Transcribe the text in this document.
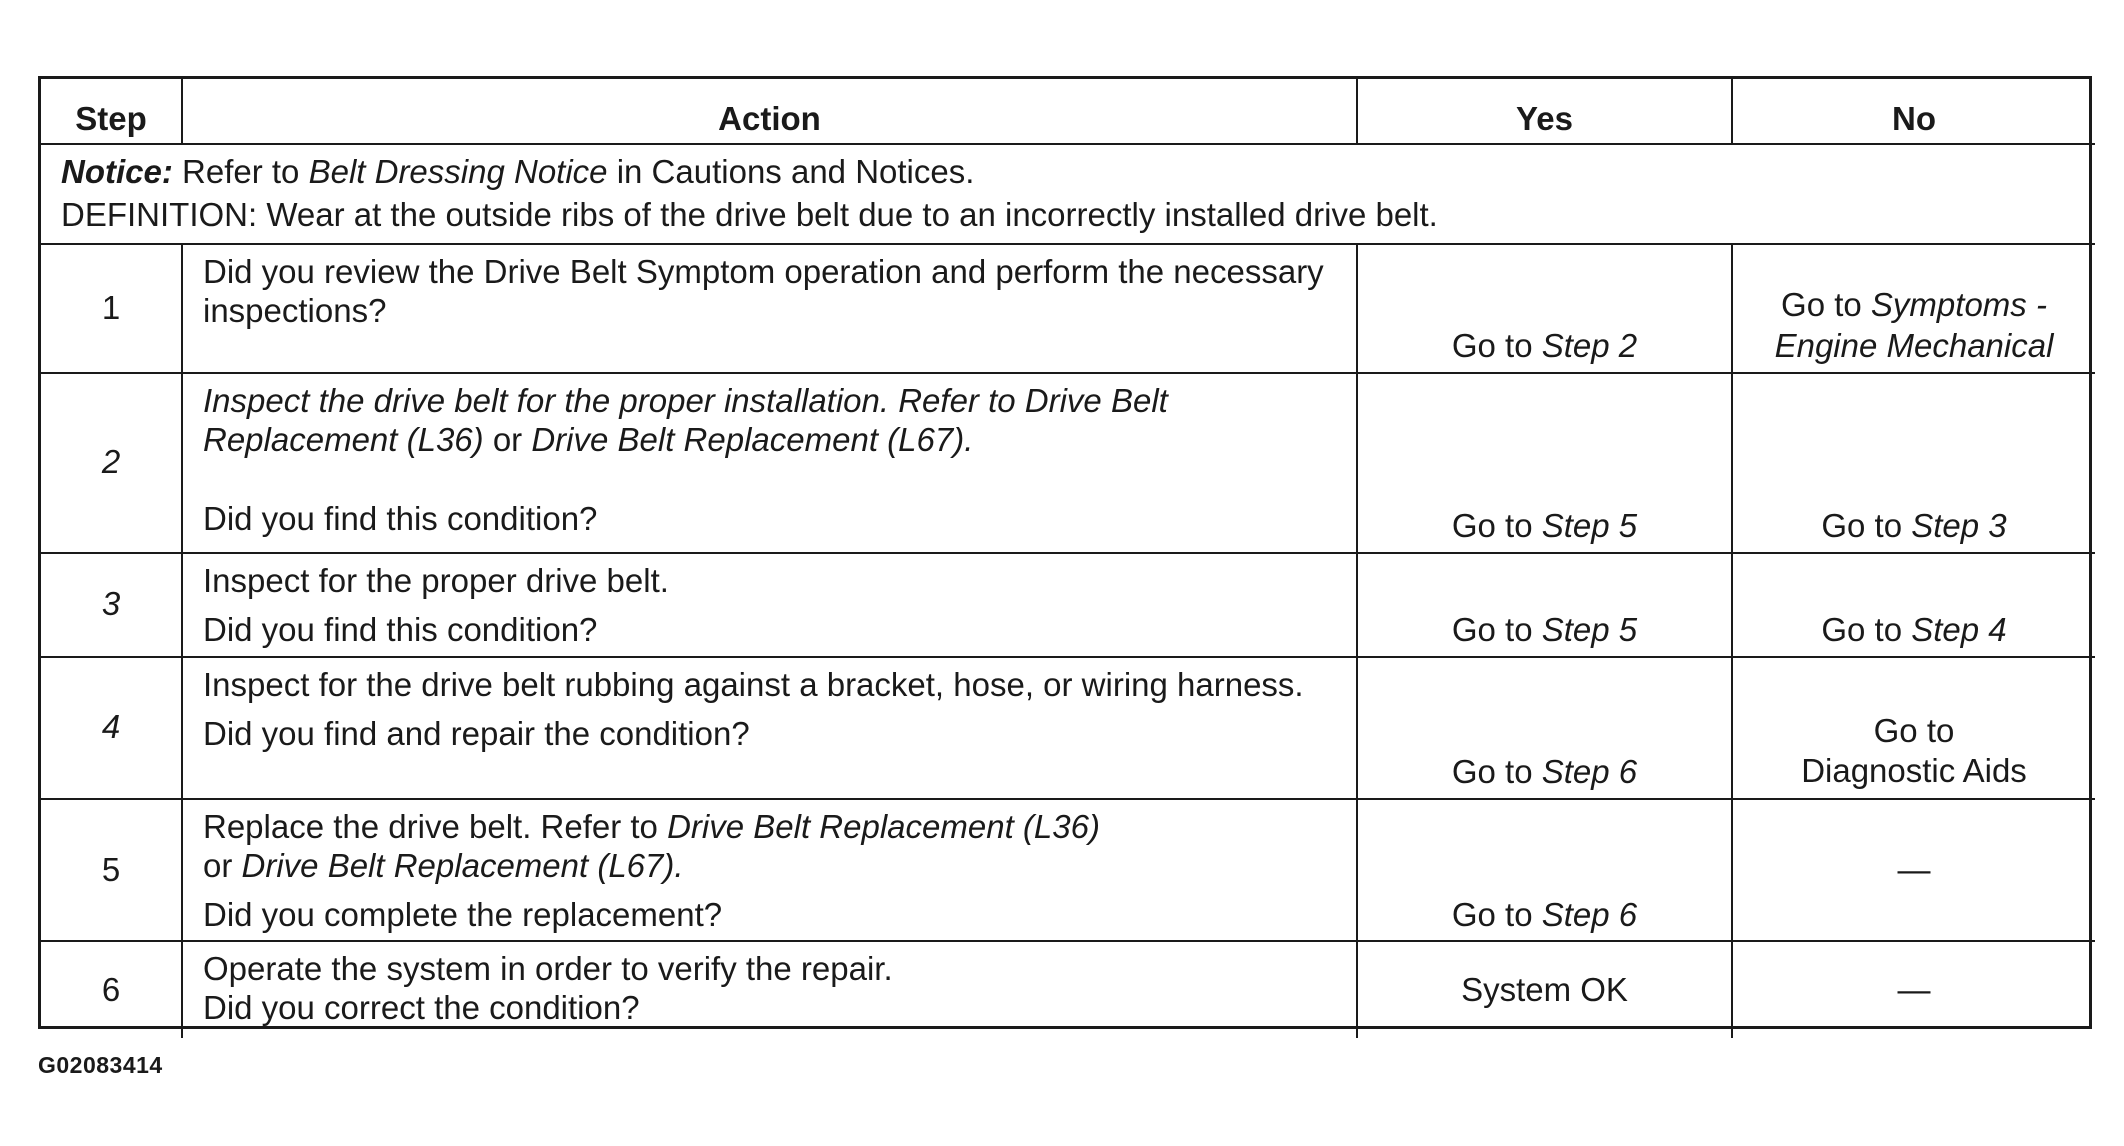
Step	Action	Yes	No

Notice: Refer to Belt Dressing Notice in Cautions and Notices.
DEFINITION: Wear at the outside ribs of the drive belt due to an incorrectly installed drive belt.			

1	Did you review the Drive Belt Symptom operation and perform the necessary inspections?	Go to Step 2	Go to Symptoms -
Engine Mechanical
2	Inspect the drive belt for the proper installation. Refer to Drive Belt Replacement (L36) or Drive Belt Replacement (L67).
Did you find this condition?	Go to Step 5	Go to Step 3
3	Inspect for the proper drive belt.
Did you find this condition?	Go to Step 5	Go to Step 4
4	Inspect for the drive belt rubbing against a bracket, hose, or wiring harness.
Did you find and repair the condition?	Go to Step 6	Go to
Diagnostic Aids
5	Replace the drive belt. Refer to Drive Belt Replacement (L36)
or Drive Belt Replacement (L67).
Did you complete the replacement?	Go to Step 6	—
6	Operate the system in order to verify the repair.
Did you correct the condition?	System OK	—
G02083414
